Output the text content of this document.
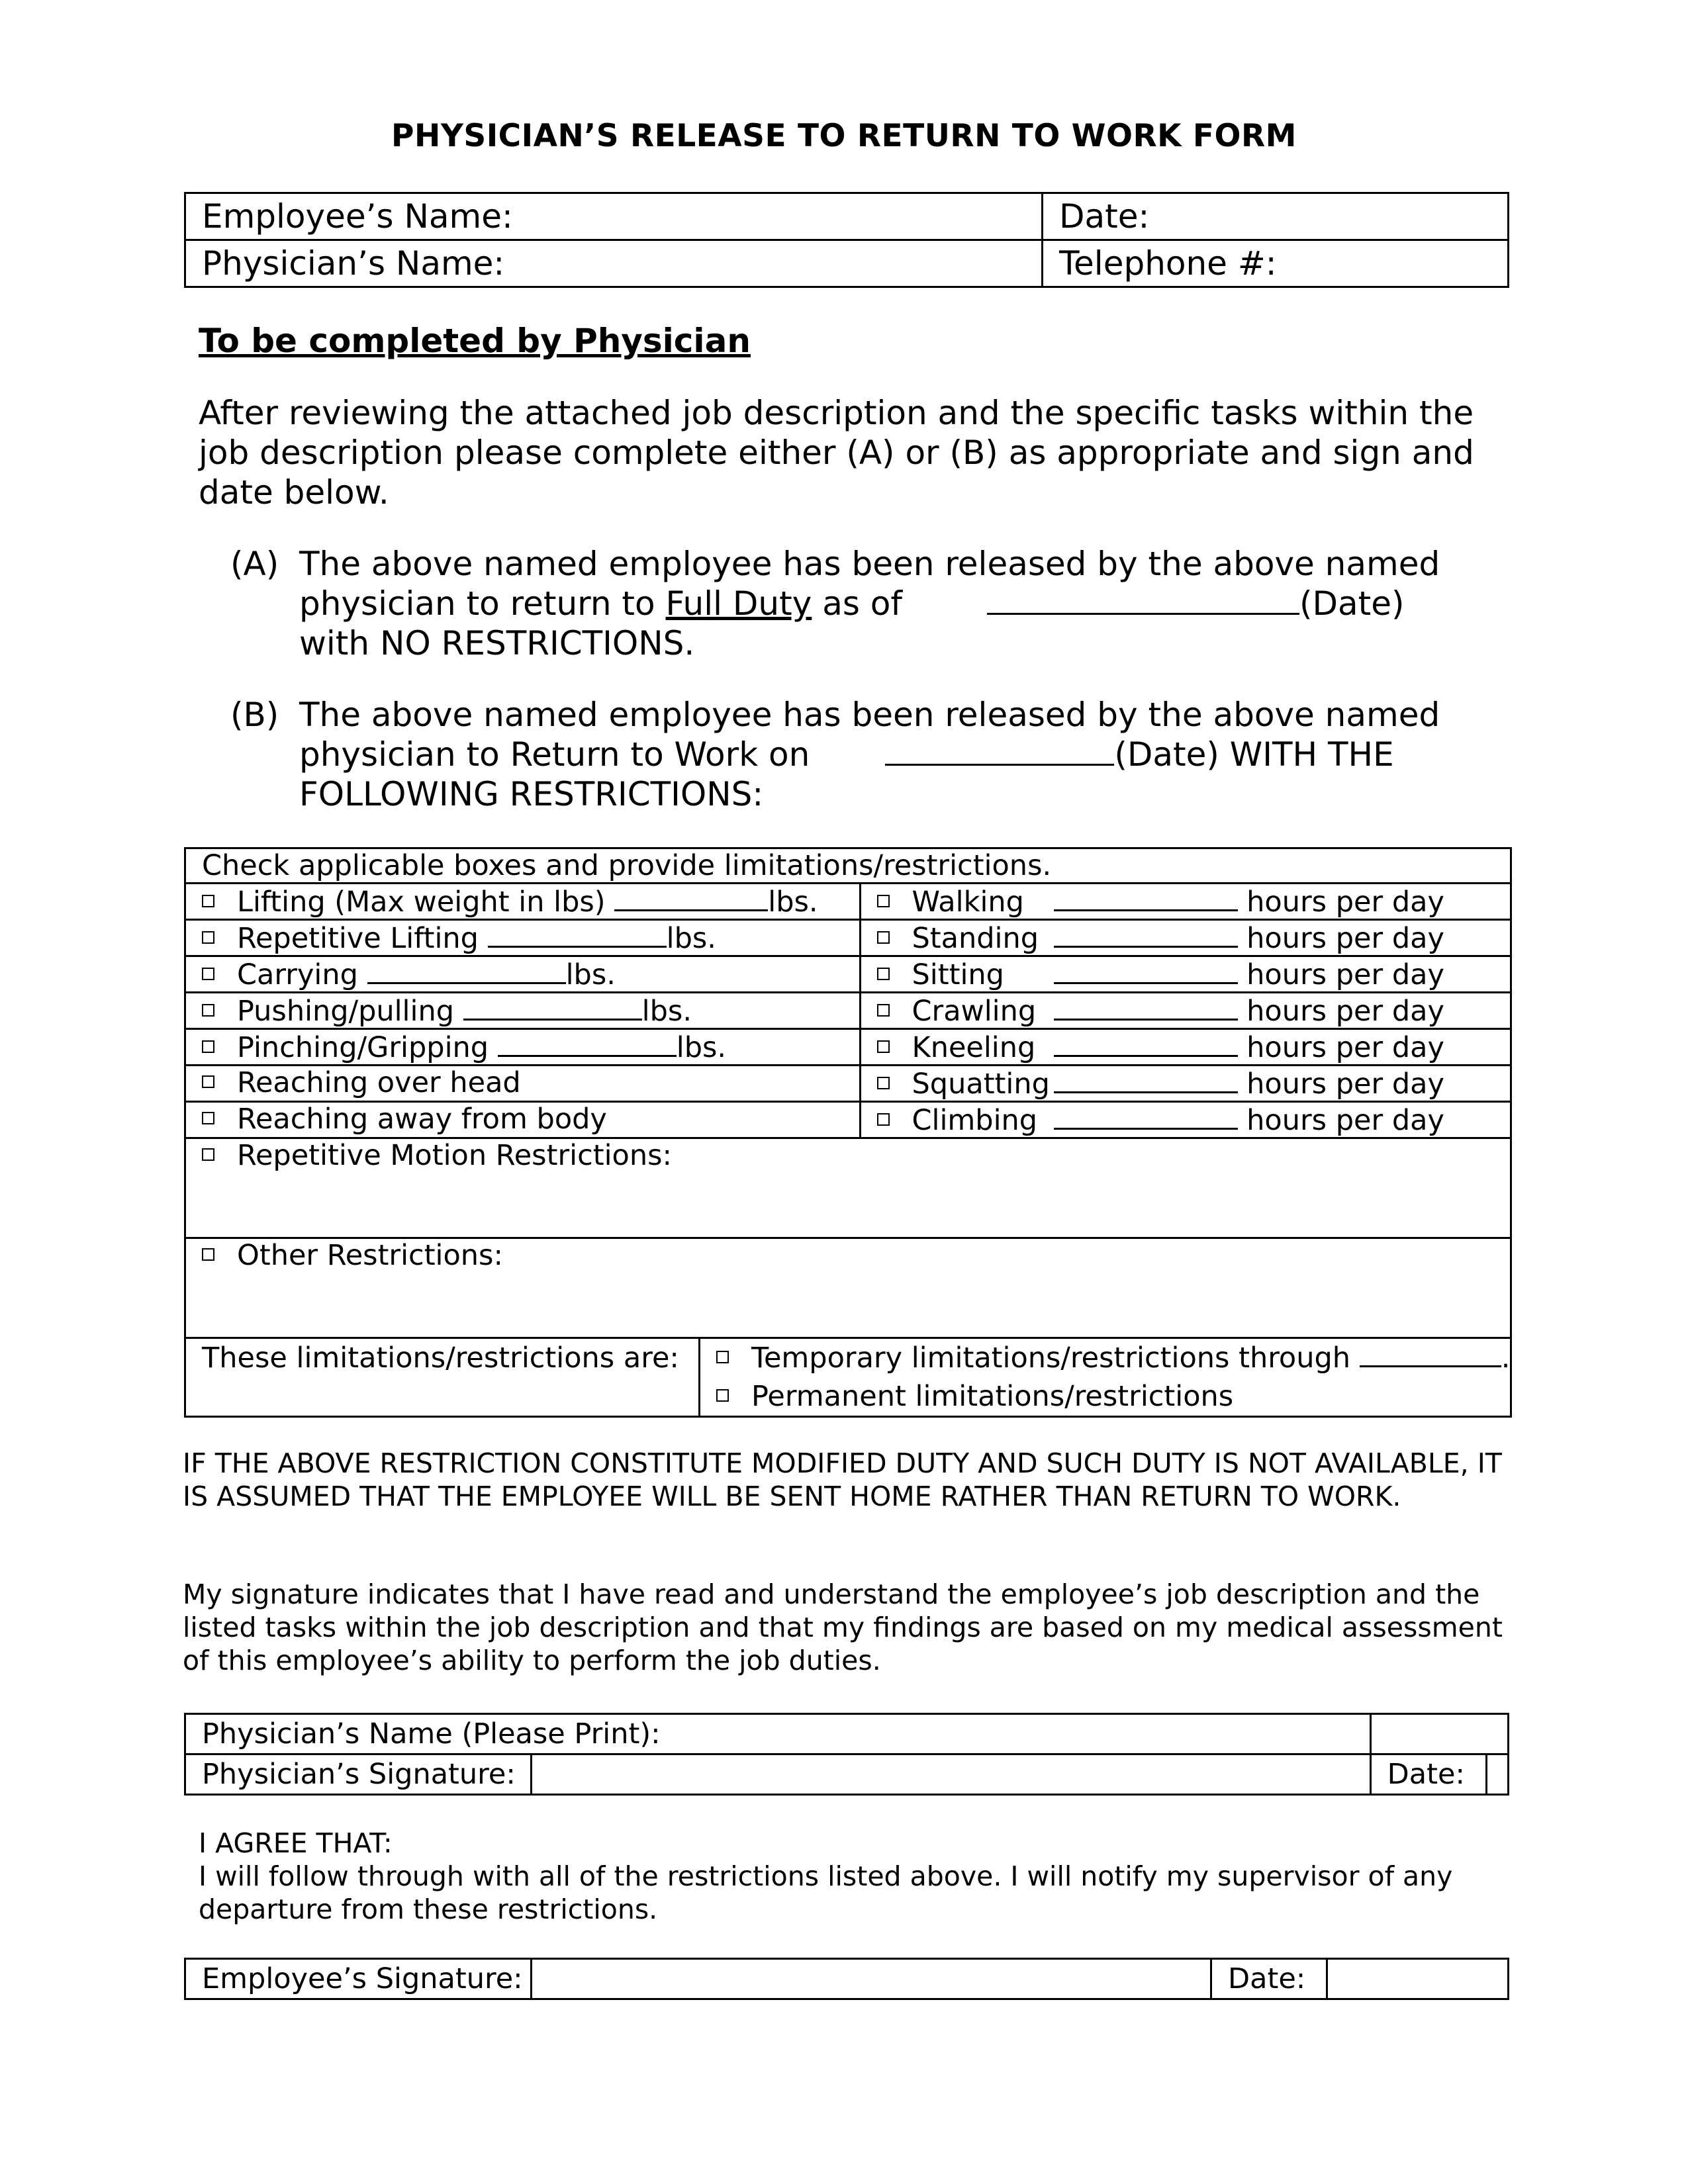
PHYSICIAN’S RELEASE TO RETURN TO WORK FORM
Employee’s Name:	Date:
Physician’s Name:	Telephone #:
To be completed by Physician
After reviewing the attached job description and the specific tasks within the job description please complete either (A) or (B) as appropriate and sign and date below.
(A) The above named employee has been released by the above named
physician to return to Full Duty as of	(Date)
with NO RESTRICTIONS.
(B) The above named employee has been released by the above named
physician to Return to Work on	(Date) WITH THE
FOLLOWING RESTRICTIONS:
Check applicable boxes and provide limitations/restrictions.		
Lifting (Max weight in lbs) lbs.		Walking hours per day
Repetitive Lifting lbs.		Standing hours per day
Carrying lbs.		Sitting hours per day
Pushing/pulling lbs.		Crawling hours per day
Pinching/Gripping lbs.		Kneeling hours per day
Reaching over head		Squatting hours per day
Reaching away from body		Climbing hours per day
Repetitive Motion Restrictions:		
Other Restrictions:		
These limitations/restrictions are:	Temporary limitations/restrictions through .
Permanent limitations/restrictions	
IF THE ABOVE RESTRICTION CONSTITUTE MODIFIED DUTY AND SUCH DUTY IS NOT AVAILABLE, IT IS ASSUMED THAT THE EMPLOYEE WILL BE SENT HOME RATHER THAN RETURN TO WORK.
My signature indicates that I have read and understand the employee’s job description and the listed tasks within the job description and that my findings are based on my medical assessment of this employee’s ability to perform the job duties.
Physician’s Name (Please Print):			
Physician’s Signature:		Date:	
I AGREE THAT:
I will follow through with all of the restrictions listed above. I will notify my supervisor of any departure from these restrictions.
Employee’s Signature:		Date:	
